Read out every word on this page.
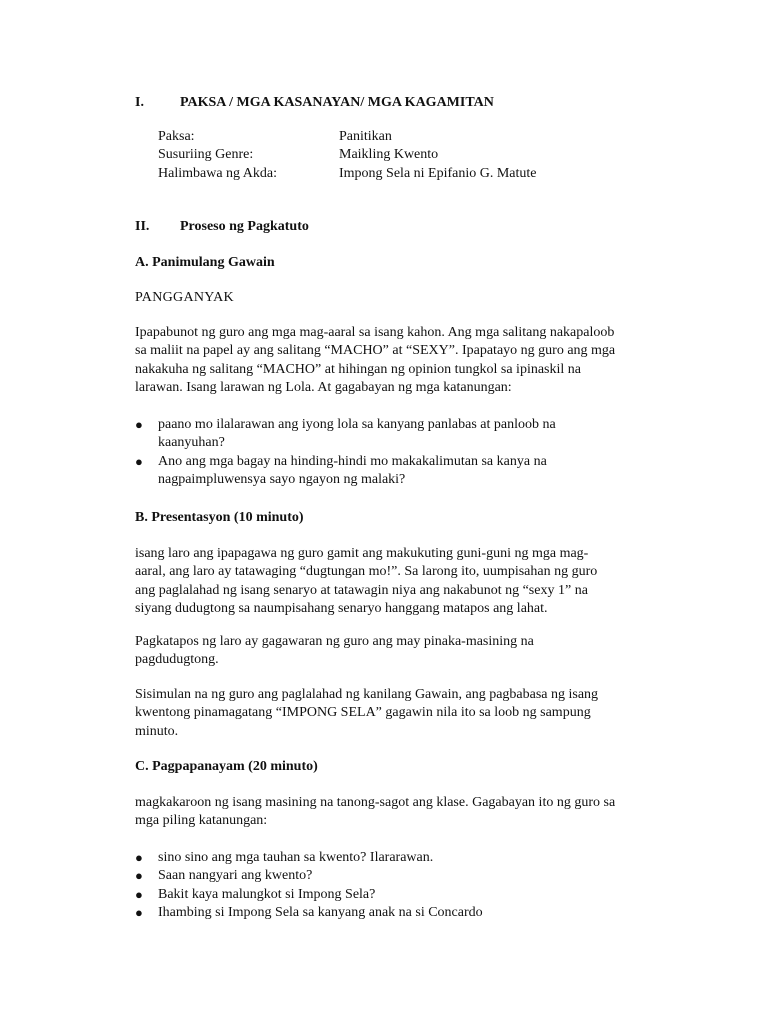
I.	PAKSA / MGA KASANAYAN/ MGA KAGAMITAN
Paksa:	Panitikan
Susuriing Genre:	Maikling Kwento
Halimbawa ng Akda:	Impong Sela ni Epifanio G. Matute
II. Proseso ng Pagkatuto
A. Panimulang Gawain
PANGGANYAK

Ipapabunot ng guro ang mga mag-aaral sa isang kahon. Ang mga salitang nakapaloob

sa maliit na papel ay ang salitang “MACHO” at “SEXY”. Ipapatayo ng guro ang mga

nakakuha ng salitang “MACHO” at hihingan ng opinion tungkol sa ipinaskil na

larawan. Isang larawan ng Lola. At gagabayan ng mga katanungan:

● paano mo ilalarawan ang iyong lola sa kanyang panlabas at panloob na
kaanyuhan?
● Ano ang mga bagay na hinding-hindi mo makakalimutan sa kanya na
nagpaimpluwensya sayo ngayon ng malaki?
B. Presentasyon (10 minuto)

isang laro ang ipapagawa ng guro gamit ang makukuting guni-guni ng mga mag-

aaral, ang laro ay tatawaging “dugtungan mo!”. Sa larong ito, uumpisahan ng guro

ang paglalahad ng isang senaryo at tatawagin niya ang nakabunot ng “sexy 1” na

siyang dudugtong sa naumpisahang senaryo hanggang matapos ang lahat.

Pagkatapos ng laro ay gagawaran ng guro ang may pinaka-masining na

pagdudugtong.

Sisimulan na ng guro ang paglalahad ng kanilang Gawain, ang pagbabasa ng isang

kwentong pinamagatang “IMPONG SELA” gagawin nila ito sa loob ng sampung

minuto.

C. Pagpapanayam (20 minuto)

magkakaroon ng isang masining na tanong-sagot ang klase. Gagabayan ito ng guro sa

mga piling katanungan:

● sino sino ang mga tauhan sa kwento? Ilararawan.
● Saan nangyari ang kwento?
● Bakit kaya malungkot si Impong Sela?
● Ihambing si Impong Sela sa kanyang anak na si Concardo
